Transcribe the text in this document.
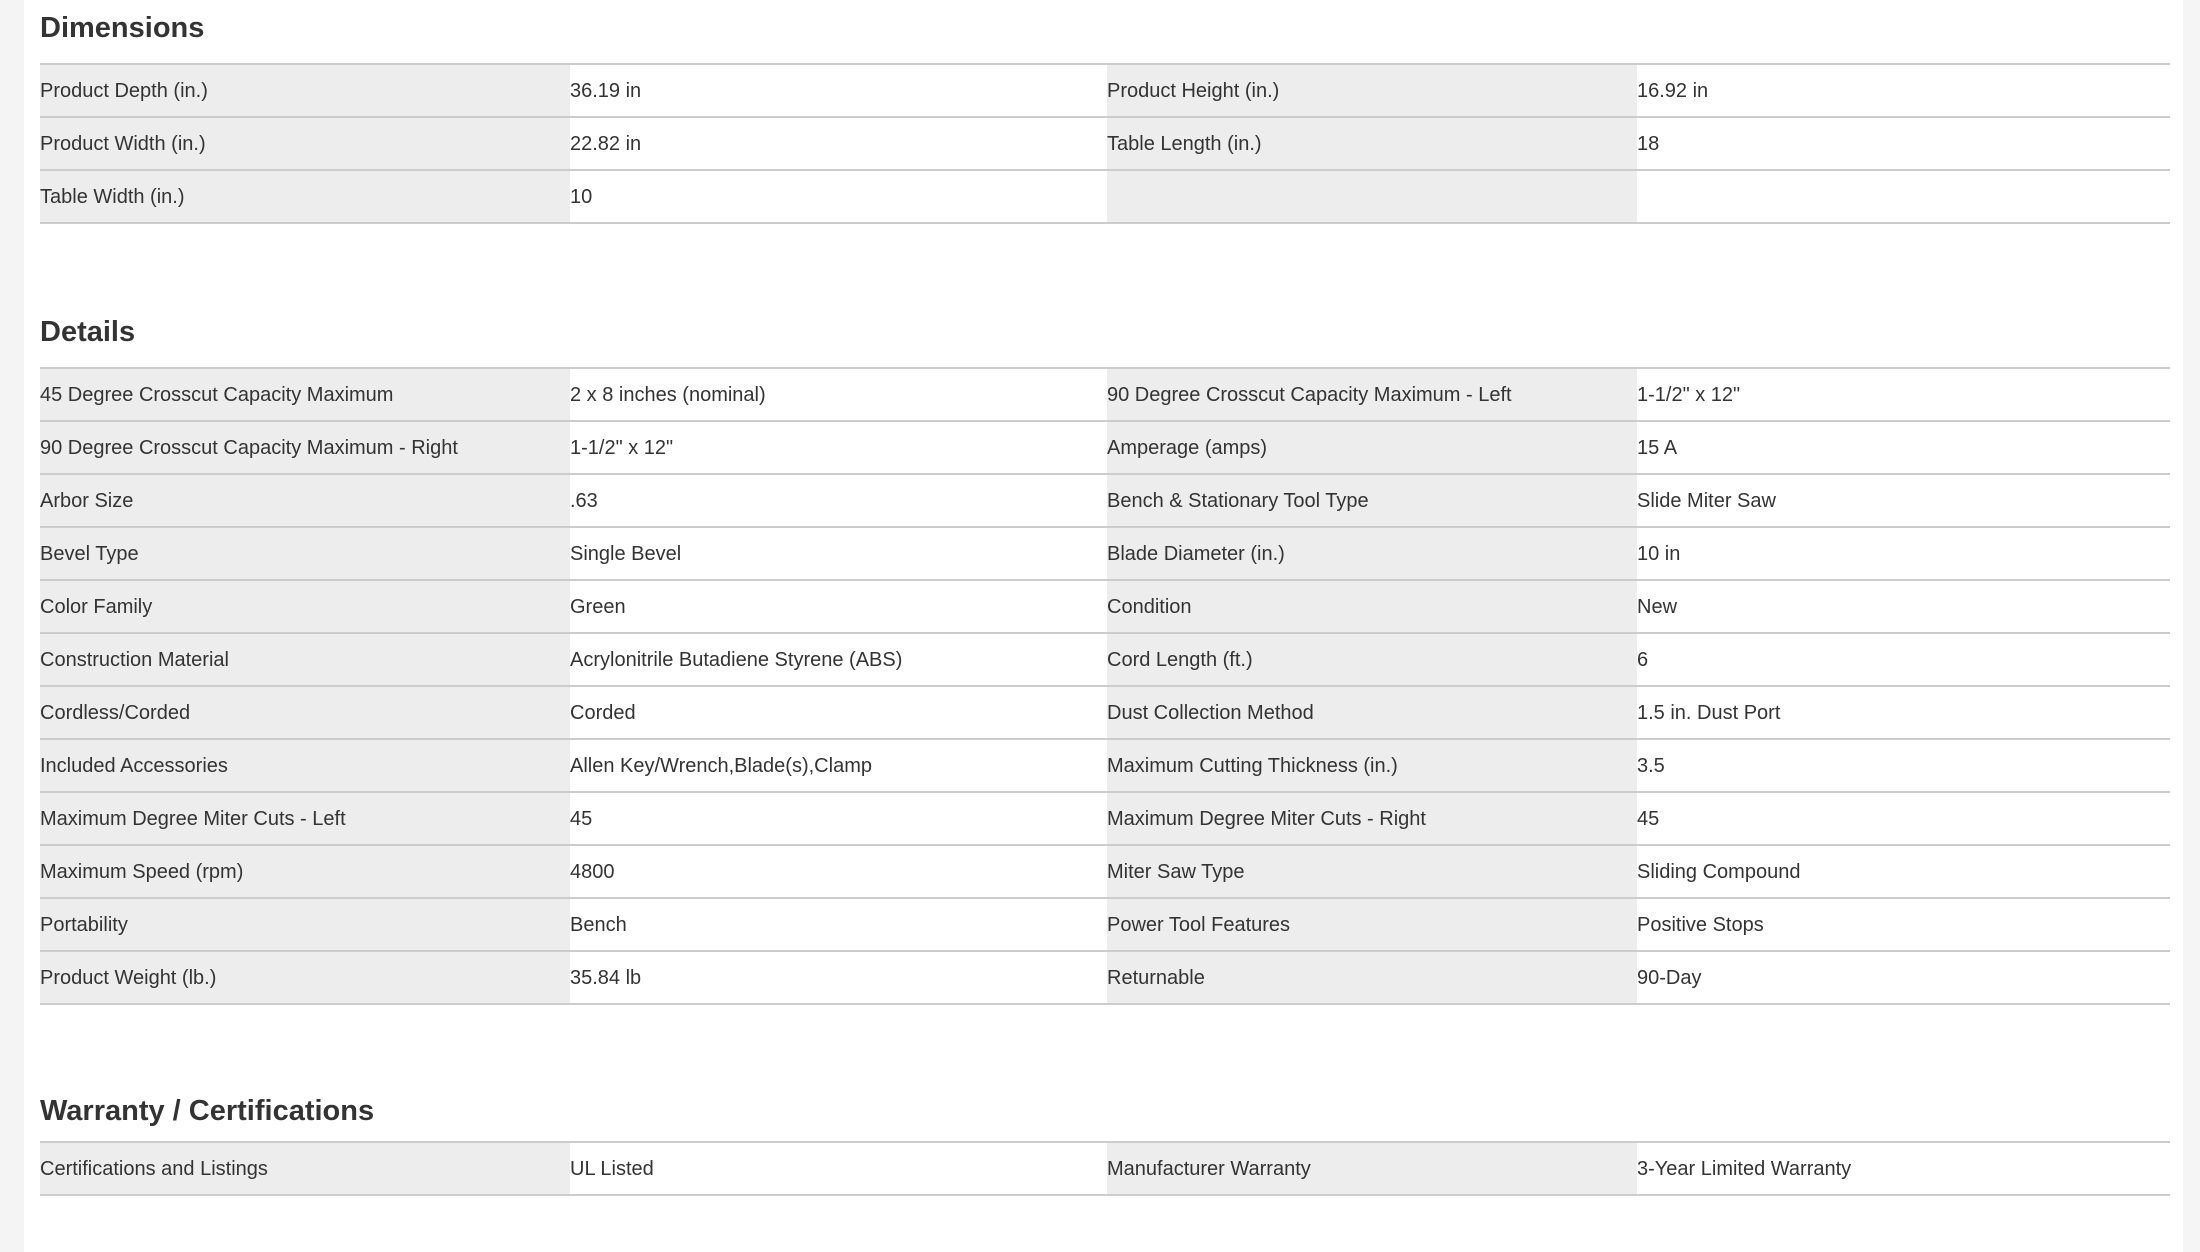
Dimensions
Product Depth (in.)	36.19 in	Product Height (in.)	16.92 in
Product Width (in.)	22.82 in	Table Length (in.)	18
Table Width (in.)	10		
Details
45 Degree Crosscut Capacity Maximum	2 x 8 inches (nominal)	90 Degree Crosscut Capacity Maximum - Left	1-1/2" x 12"
90 Degree Crosscut Capacity Maximum - Right	1-1/2" x 12"	Amperage (amps)	15 A
Arbor Size	.63	Bench & Stationary Tool Type	Slide Miter Saw
Bevel Type	Single Bevel	Blade Diameter (in.)	10 in
Color Family	Green	Condition	New
Construction Material	Acrylonitrile Butadiene Styrene (ABS)	Cord Length (ft.)	6
Cordless/Corded	Corded	Dust Collection Method	1.5 in. Dust Port
Included Accessories	Allen Key/Wrench,Blade(s),Clamp	Maximum Cutting Thickness (in.)	3.5
Maximum Degree Miter Cuts - Left	45	Maximum Degree Miter Cuts - Right	45
Maximum Speed (rpm)	4800	Miter Saw Type	Sliding Compound
Portability	Bench	Power Tool Features	Positive Stops
Product Weight (lb.)	35.84 lb	Returnable	90-Day
Warranty / Certifications
Certifications and Listings	UL Listed	Manufacturer Warranty	3-Year Limited Warranty
